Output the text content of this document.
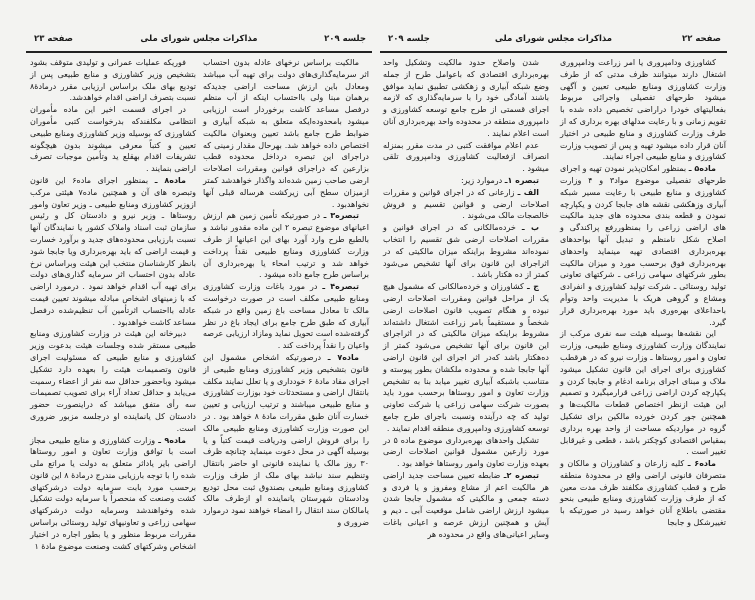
جلسه ۲۰۹
مذاکرات مجلس شورای ملی
صفحه ۲۳

مالکیت براساس نرخهای عادله بدون احتساب اثر سرمایه‌گذاری‌های دولت برای تهیه آب میباشد ومعادل باین ارزش مساحت اراضی جدیدکه برهمان مبنا ولی بااحتساب اینکه از آب منظم درفصل مساعد کاشت برخوردار است ارزیابی میشود بامحدوده‌ایکه متعلق به شبکه آبیاری و ضوابط طرح جامع باشد تعیین وبعنوان مالکیت اختصاص داده خواهد شد. بهرحال مقدار زمینی که دراجرای این تبصره درداخل محدوده قطب بزارعین که دراجرای قوانین ومقررات اصلاحات ارضی صاحب زمین شده‌اند واگذار خواهدشد کمتر ازمیزان سطح آبی زیرکشت هرساله قبلی آنها نخواهدبود .

تبصره۳ ـ در صورتیکه تأمین زمین هم ارزش اعیانهای موضوع تبصره ۲ این ماده مقدور نباشد و بالطبع طرح وارد آورد بهای این اعیانها از طرف وزارت کشاورزی ومنابع طبیعی نقداً پرداخت خواهد شد و ترتیب امحاء یا بهره‌برداری آن براساس طرح جامع داده میشود .

تبصره۴ ـ در مورد باغات وزارت کشاورزی ومنابع طبیعی مکلف است در صورت درخواست مالک تا معادل مساحت باغ زمین واقع در شبکه آبیاری که طبق طرح جامع برای ایجاد باغ در نظر گرفته‌شده است تحویل نماید ومازاد ارزیابی عرصه واعیان را نقداً پرداخت کند .

ماده۷ ـ درصورتیکه اشخاص مشمول این قانون بتشخیص وزیر کشاورزی ومنابع طبیعی از اجرای مفاد مادهٔ ۶ خودداری و یا تعلل نمایند مکلف بانتقال اراضی و مستحدثات خود بوزارت کشاورزی و منابع طبیعی میباشند و ترتیب ارزیابی و تعیین خسارت آنان طبق مقررات مادهٔ ۸ خواهد بود . در این صورت وزارت کشاورزی ومنابع طبیعی مالک را برای فروش اراضی ودریافت قیمت کتباً و یا بوسیله آگهی در محل دعوت مینماید چنانچه ظرف ۳۰ روز مالک یا نماینده قانونی او حاضر بانتقال وتنظیم سند نباشد بهای ملک از طرف وزارت کشاورزی ومنابع طبیعی بصندوق ثبت محل تودیع ودادستان شهرستان یانماینده او ازطرف مالک یامالکان سند انتقال را امضاء خواهند نمود درموارد ضروری و

فوریکه عملیات عمرانی و تولیدی متوقف بشود بتشخیص وزیر کشاورزی و منابع طبیعی پس از تودیع بهای ملک براساس ارزیابی مقرر درمادهٔ۸ نسبت بتصرف اراضی اقدام خواهدشد.

در اجرای قسمت اخیر این ماده مأموران انتظامی مکلفندکه بدرخواست کتبی مأموران کشاورزی که بوسیله وزیر کشاورزی ومنابع طبیعی تعیین و کتباً معرفی میشوند بدون هیچگونه تشریفات اقدام بهقلع ید وتأمین موجبات تصرف اراضی بنمایند .

ماده۸ ـ بمنظور اجرای ماده۶ این قانون وتبصره های آن و همچنین ماده۷ هیئتی مرکب ازوزیر کشاورزی ومنابع طبیعی ـ وزیر تعاون وامور روستاها ـ وزیر نیرو و دادستان کل و رئیس سازمان ثبت اسناد واملاک کشور یا نمایندگان آنها نسبت بارزیابی محدوده‌های جدید و برآورد خسارت و قیمت اراضی که باید بهره‌برداری ویا جابجا شود بانظر کارشناسان منتخب این هیئت وبراساس نرخ عادله بدون احتساب اثر سرمایه گذاری‌های دولت برای تهیه آب اقدام خواهد نمود . درمورد اراضی که با زمینهای اشخاص مبادله میشوند تعیین قیمت عادله بااحتساب اثرتأمین آب تنظیم‌شده درفصل مساعد کاشت خواهدبود .

دبیرخانه این هیئت در وزارت کشاورزی ومنابع طبیعی مستقر شده وجلسات هیئت بدعوت وزیر کشاورزی و منابع طبیعی که مسئولیت اجرای قانون وتصمیمات هیئت را بعهده دارد تشکیل میشود وباحضور حداقل سه نفر از اعضاء رسمیت می‌یابد و حداقل تعداد آراء برای تصویب تصمیمات سه رأی متفق میباشد که دراینصورت حضور دادستان کل یانماینده او درجلسه مزبور ضروری است.

ماده۹ ـ وزارت کشاورزی و منابع طبیعی مجاز است با توافق وزارت تعاون و امور روستاها اراضی بایر یاداثر متعلق به دولت یا مراتع ملی شده را با توجه بارزیابی مندرج درمادهٔ ۸ این قانون برحسب مورد بابت سرمایه دولت درشرکتهای کشت وصنعت که منحصراً با سرمایه دولت تشکیل شده وخواهندشد وسرمایه دولت درشرکتهای سهامی زراعی و تعاونیهای تولید روستائی براساس مقررات مربوط منظور و یا بطور اجاره در اختیار اشخاص وشرکتهای کشت وصنعت موضوع مادهٔ ۱

صفحه ۲۲
مذاکرات مجلس شورای ملی
جلسه ۲۰۹

کشاورزی ودامپروری یا امر زراعت ودامپروری اشتغال دارند میتوانند ظرف مدتی که از طرف وزارت کشاورزی ومنابع طبیعی تعیین و آگهی میشود طرحهای تفصیلی واجرائی مربوط بفعالیتهای خودرا دراراضی تخصیص داده شده با تقویم زمانی و با رعایت مدلهای بهره برداری که از طرف وزارت کشاورزی و منابع طبیعی در اختیار آنان قرار داده میشود تهیه و پس از تصویب وزارت کشاورزی و منابع طبیعی اجراء نمایند.

ماده۵ ـ بمنظور امکان‌پذیر نمودن تهیه و اجرای طرحهای تفصیلی موضوع مواد۳ و ۴ وزارت کشاورزی و منابع طبیعی با رعایت مسیر شبکه آبیاری وزهکشی نقشه های جابجا کردن و یکپارچه نمودن و قطعه بندی محدوده های جدید مالکیت های اراضی زراعی را بمنظوررفع پراکندگی و اصلاح شکل نامنظم و تبدیل آنها بواحدهای بهره‌برداری اقتصادی تهیه مینماید واحدهای بهره‌برداری فوق برحسب مورد و میزان مالکیت بطور شرکتهای سهامی زراعی ـ شرکتهای تعاونی تولید روستائی ـ شرکت تولید کشاورزی و انفرادی ومشاع و گروهی هریک با مدیریت واحد وتوأم باحداعلای بهره‌وری باید مورد بهره‌برداری قرار گیرد.

این نقشه‌ها بوسیله هیئت سه نفری مرکب از نمایندگان وزارت کشاورزی ومنابع طبیعی، وزارت تعاون و امور روستاها ـ وزارت نیرو که در هرقطب کشاورزی برای اجرای این قانون تشکیل میشود ملاک و مبنای اجرای برنامه ادغام و جابجا کردن و یکپارچه کردن اراضی زراعی قرارمیگیرد و تصمیم این هیئت ازنظر اختصاص قطعات مالکیت‌ها و همچنین جور کردن خورده مالکین برای تشکیل گروه در مواردیکه مساحت از واحد بهره برداری بمقیاس اقتصادی کوچکتر باشد ، قطعی و غیرقابل تغییر است .

ماده۶ ـ کلیه زارعان و کشاورزان و مالکان و متصرفان قانونی اراضی واقع در محدودهٔ منطقه طرح و قطب کشاورزی مکلفند ظرف مدت معین که از طرف وزارت کشاورزی ومنابع طبیعی بنحو مقتضی باطلاع آنان خواهد رسید در صورتیکه با تغییرشکل و جابجا

شدن واصلاح حدود مالکیت وتشکیل واحد بهره‌برداری اقتصادی که باعوامل طرح از جمله وضع شبکه آبیاری و زهکشی تطبیق نماید موافق باشند آمادگی خود را با سرمایه‌گذاری که لازمه اجرای قسمتی از طرح جامع توسعه کشاورزی و دامپروری منطقه در محدوده واحد بهره‌برداری آنان است اعلام نمایند .

عدم اعلام موافقت کتبی در مدت مقرر بمنزله انصراف ازفعالیت کشاورزی ودامپروری تلقی میشود .

تبصره ۱ـ درموارد زیر:

الف ـ زارعانی که در اجرای قوانین و مقررات اصلاحات ارضی و قوانین تقسیم و فروش خالصجات مالک می‌شوند .

ب ـ خرده‌مالکانی که در اجرای قوانین و مقررات اصلاحات ارضی شق تقسیم را انتخاب نموده‌اند مشروط براینکه میزان مالکیتی که در اثراجرای این قانون برای آنها تشخیص می‌شود کمتر از ده هکتار باشد .

ج ـ کشاورزان و خرده‌مالکانی که مشمول هیچ یک از مراحل قوانین ومقررات اصلاحات ارضی نبوده و هنگام تصویب قانون اصلاحات ارضی شخصاً و مستقیماً بامر زراعت اشتغال داشته‌اند مشروط براینکه میزان مالکیتی که در اثراجرای این قانون برای آنها تشخیص می‌شود کمتر از ده‌هکتار باشد که‌در اثر اجرای این قانون اراضی آنها جابجا شده و محدوده ملکشان بطور پیوسته و متناسب باشبکه آبیاری تغییر میابد بنا به تشخیص وزارت تعاون و امور روستاها برحسب مورد باید بصورت شرکت سهامی زراعی یا شرکت تعاونی تولید که چه درآینده ونسبت باجرای طرح جامع توسعه کشاورزی ودامپروری منطقه اقدام نمایند .

تشکیل واحدهای بهره‌برداری موضوع ماده ۵ در مورد زارعین مشمول قوانین اصلاحات ارضی بعهده وزارت تعاون وامور روستاها خواهد بود .

تبصره ۲ـ ضابطه تعیین مساحت جدید اراضی هر مالکیت اعم از مشاع ومفروز و یا فردی و دسته جمعی و مالکیتی که مشمول جابجا شدن میشود ارزش اراضی شامل موقعیت آبی ـ دیم و آیش و همچنین ارزش عرصه و اعیانی باغات وسایر اعیانی‌های واقع در محدوده هر
